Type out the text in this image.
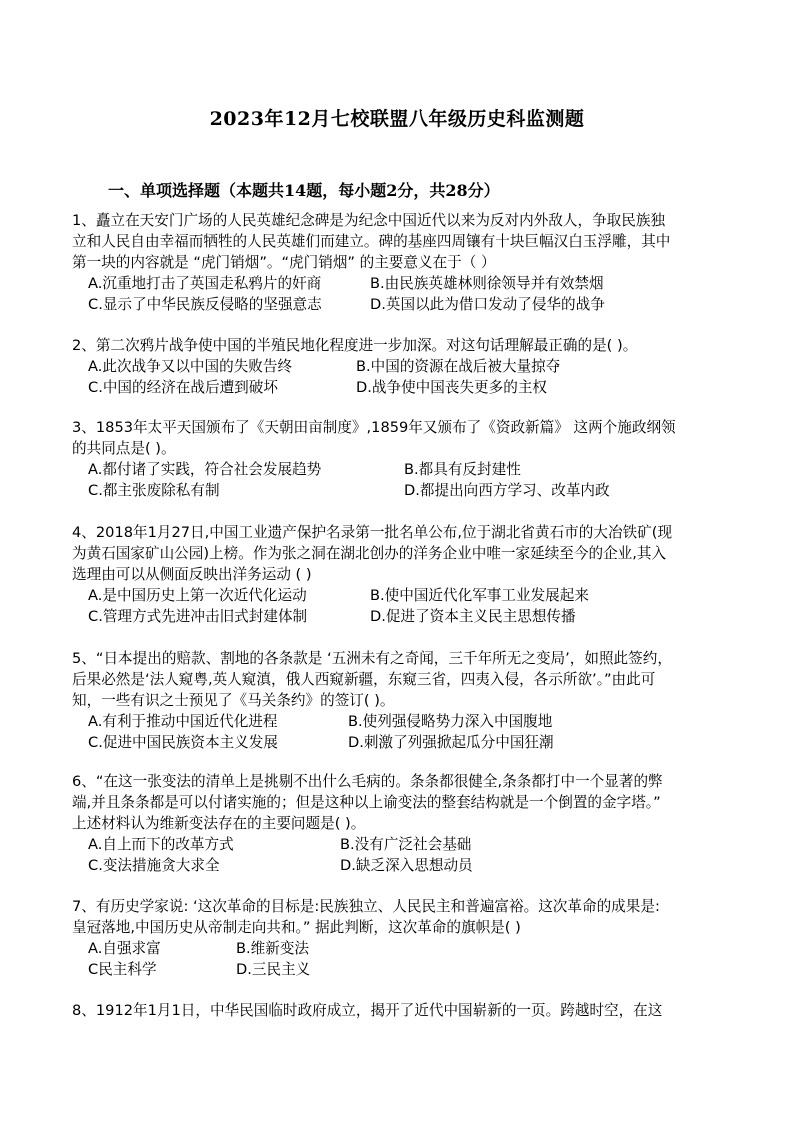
2023年12月七校联盟八年级历史科监测题
一、单项选择题（本题共14题，每小题2分，共28分）
1、矗立在天安门广场的人民英雄纪念碑是为纪念中国近代以来为反对内外敌人，争取民族独
立和人民自由幸福而牺牲的人民英雄们而建立。碑的基座四周镶有十块巨幅汉白玉浮雕，其中
第一块的内容就是 “虎门销烟”。“虎门销烟” 的主要意义在于（ ）
A.沉重地打击了英国走私鸦片的奸商	B.由民族英雄林则徐领导并有效禁烟
C.显示了中华民族反侵略的坚强意志	D.英国以此为借口发动了侵华的战争
2、第二次鸦片战争使中国的半殖民地化程度进一步加深。对这句话理解最正确的是( )。
A.此次战争又以中国的失败告终	B.中国的资源在战后被大量掠夺
C.中国的经济在战后遭到破坏	D.战争使中国丧失更多的主权
3、1853年太平天国颁布了《天朝田亩制度》,1859年又颁布了《资政新篇》 这两个施政纲领
的共同点是( )。
A.都付诸了实践，符合社会发展趋势	B.都具有反封建性
C.都主张废除私有制	D.都提出向西方学习、改革内政
4、2018年1月27日,中国工业遗产保护名录第一批名单公布,位于湖北省黄石市的大冶铁矿(现
为黄石国家矿山公园)上榜。作为张之洞在湖北创办的洋务企业中唯一家延续至今的企业,其入
选理由可以从侧面反映出洋务运动 ( )
A.是中国历史上第一次近代化运动	B.使中国近代化军事工业发展起来
C.管理方式先进冲击旧式封建体制	D.促进了资本主义民主思想传播
5、“日本提出的赔款、割地的各条款是 ‘五洲未有之奇闻，三千年所无之变局’，如照此签约，
后果必然是‘法人窥粤,英人窥滇，俄人西窥新疆，东窥三省，四夷入侵，各示所欲’。”由此可
知，一些有识之士预见了《马关条约》的签订( )。
A.有利于推动中国近代化进程	B.使列强侵略势力深入中国腹地
C.促进中国民族资本主义发展	D.刺激了列强掀起瓜分中国狂潮
6、“在这一张变法的清单上是挑剔不出什么毛病的。条条都很健全,条条都打中一个显著的弊
端,并且条条都是可以付诸实施的；但是这种以上谕变法的整套结构就是一个倒置的金字塔。”
上述材料认为维新变法存在的主要问题是( )。
A.自上而下的改革方式	B.没有广泛社会基础
C.变法措施贪大求全	D.缺乏深入思想动员
7、有历史学家说: ‘这次革命的目标是:民族独立、人民民主和普遍富裕。这次革命的成果是:
皇冠落地,中国历史从帝制走向共和。” 据此判断，这次革命的旗帜是( )
A.自强求富	B.维新变法
C民主科学	D.三民主义
8、1912年1月1日，中华民国临时政府成立，揭开了近代中国崭新的一页。跨越时空，在这
